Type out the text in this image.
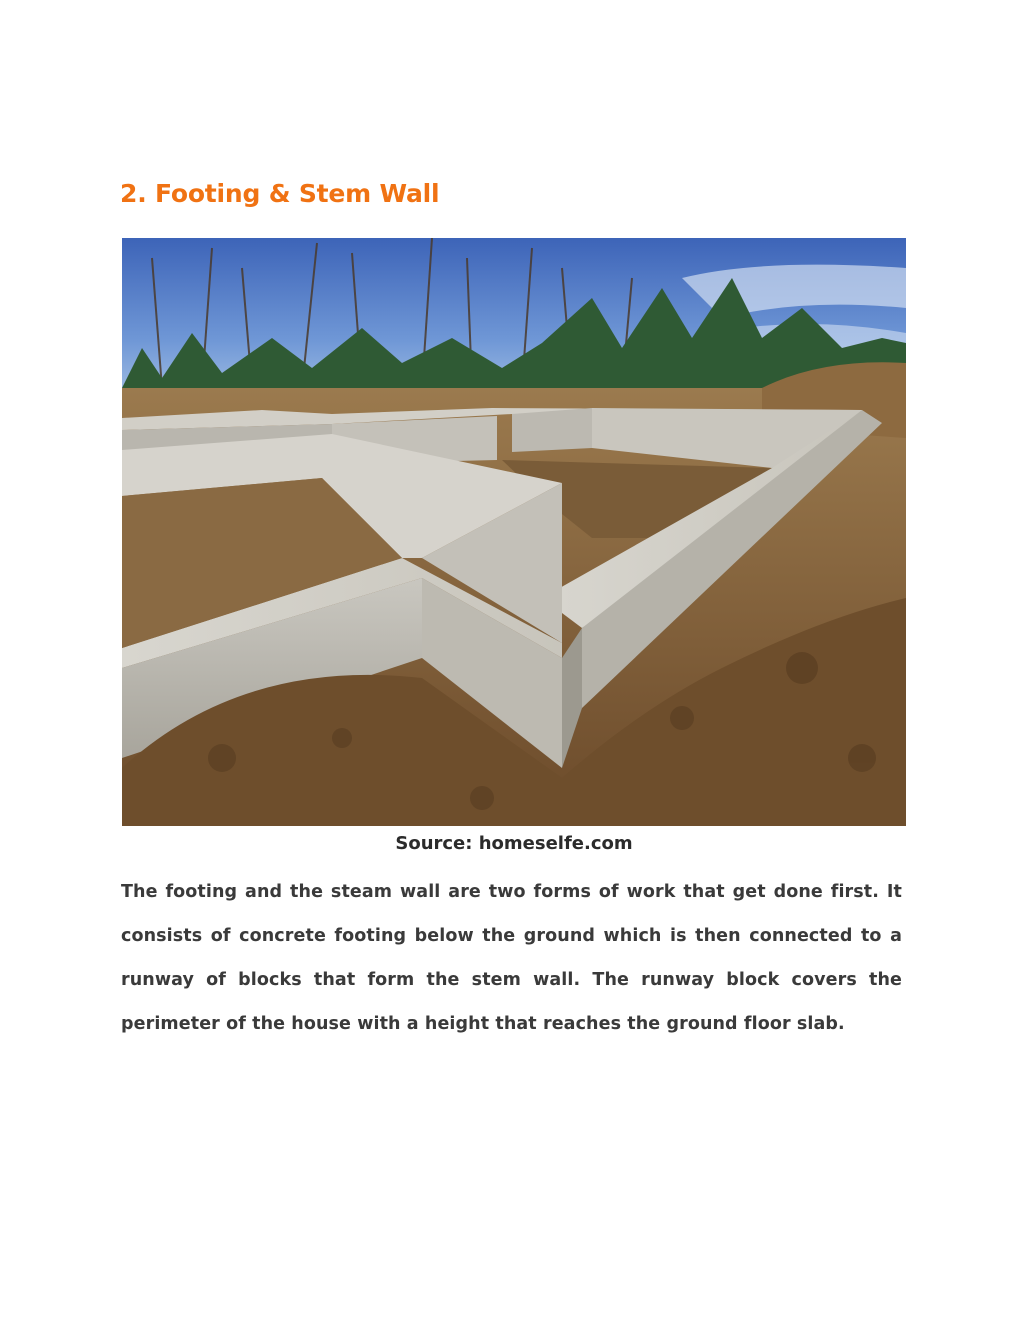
2. Footing & Stem Wall
Source: homeselfe.com

The footing and the steam wall are two forms of work that get done first. It consists of concrete footing below the ground which is then connected to a runway of blocks that form the stem wall. The runway block covers the perimeter of the house with a height that reaches the ground floor slab.
